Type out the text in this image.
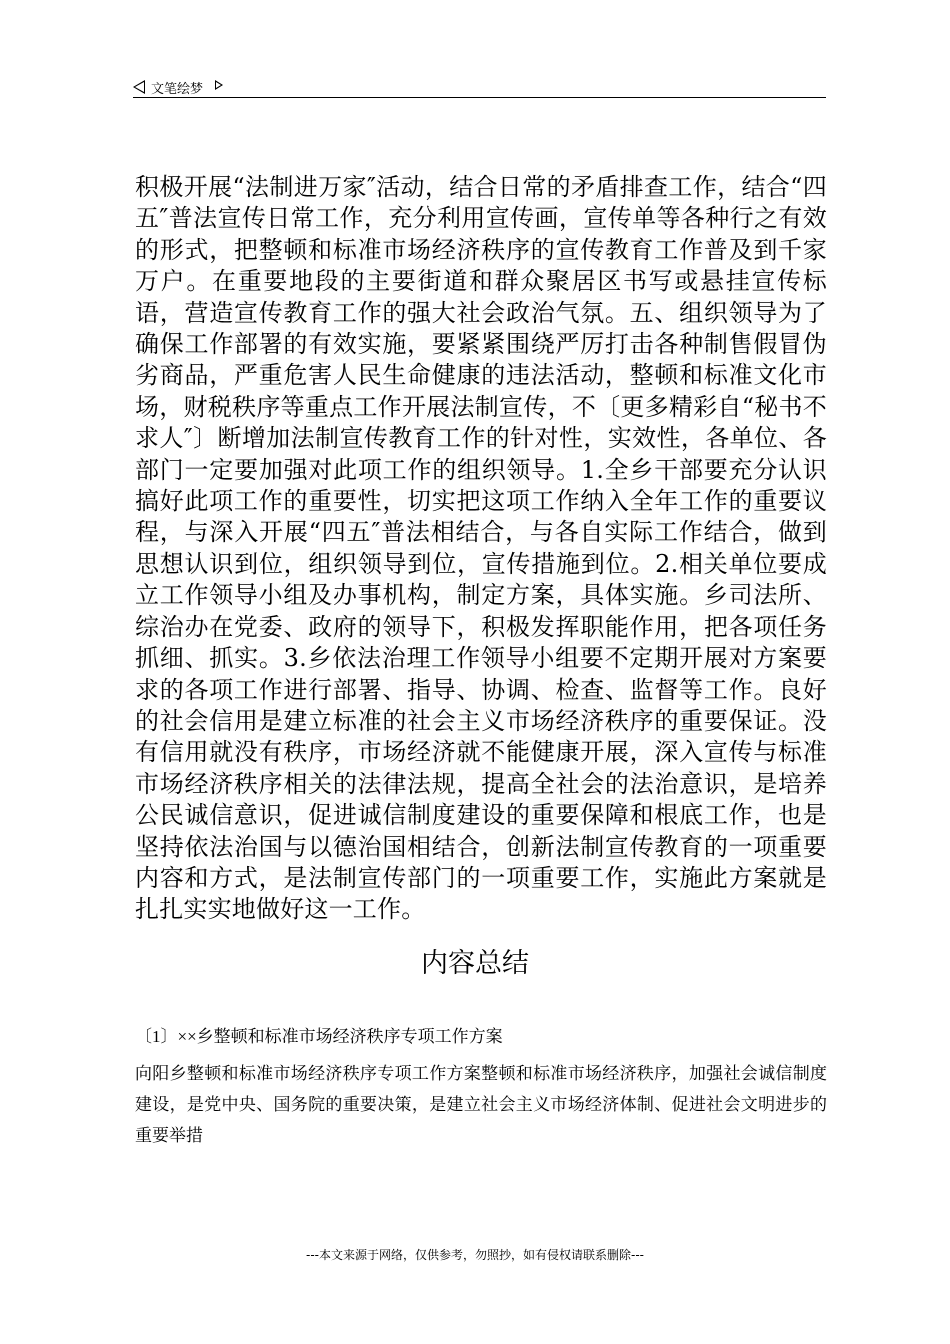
文笔绘梦

积极开展“法制进万家″活动，结合日常的矛盾排查工作，结合“四五″普法宣传日常工作，充分利用宣传画，宣传单等各种行之有效的形式，把整顿和标准市场经济秩序的宣传教育工作普及到千家万户。在重要地段的主要街道和群众聚居区书写或悬挂宣传标语，营造宣传教育工作的强大社会政治气氛。五、组织领导为了确保工作部署的有效实施，要紧紧围绕严厉打击各种制售假冒伪劣商品，严重危害人民生命健康的违法活动，整顿和标准文化市场，财税秩序等重点工作开展法制宣传，不〔更多精彩自“秘书不求人″〕断增加法制宣传教育工作的针对性，实效性，各单位、各部门一定要加强对此项工作的组织领导。1.全乡干部要充分认识搞好此项工作的重要性，切实把这项工作纳入全年工作的重要议程，与深入开展“四五″普法相结合，与各自实际工作结合，做到思想认识到位，组织领导到位，宣传措施到位。2.相关单位要成立工作领导小组及办事机构，制定方案，具体实施。乡司法所、综治办在党委、政府的领导下，积极发挥职能作用，把各项任务抓细、抓实。3.乡依法治理工作领导小组要不定期开展对方案要求的各项工作进行部署、指导、协调、检查、监督等工作。良好的社会信用是建立标准的社会主义市场经济秩序的重要保证。没有信用就没有秩序，市场经济就不能健康开展，深入宣传与标准市场经济秩序相关的法律法规，提高全社会的法治意识，是培养公民诚信意识，促进诚信制度建设的重要保障和根底工作，也是坚持依法治国与以德治国相结合，创新法制宣传教育的一项重要内容和方式，是法制宣传部门的一项重要工作，实施此方案就是扎扎实实地做好这一工作。

内容总结

〔1〕××乡整顿和标准市场经济秩序专项工作方案

向阳乡整顿和标准市场经济秩序专项工作方案整顿和标准市场经济秩序，加强社会诚信制度建设，是党中央、国务院的重要决策，是建立社会主义市场经济体制、促进社会文明进步的重要举措

---本文来源于网络，仅供参考，勿照抄，如有侵权请联系删除---
